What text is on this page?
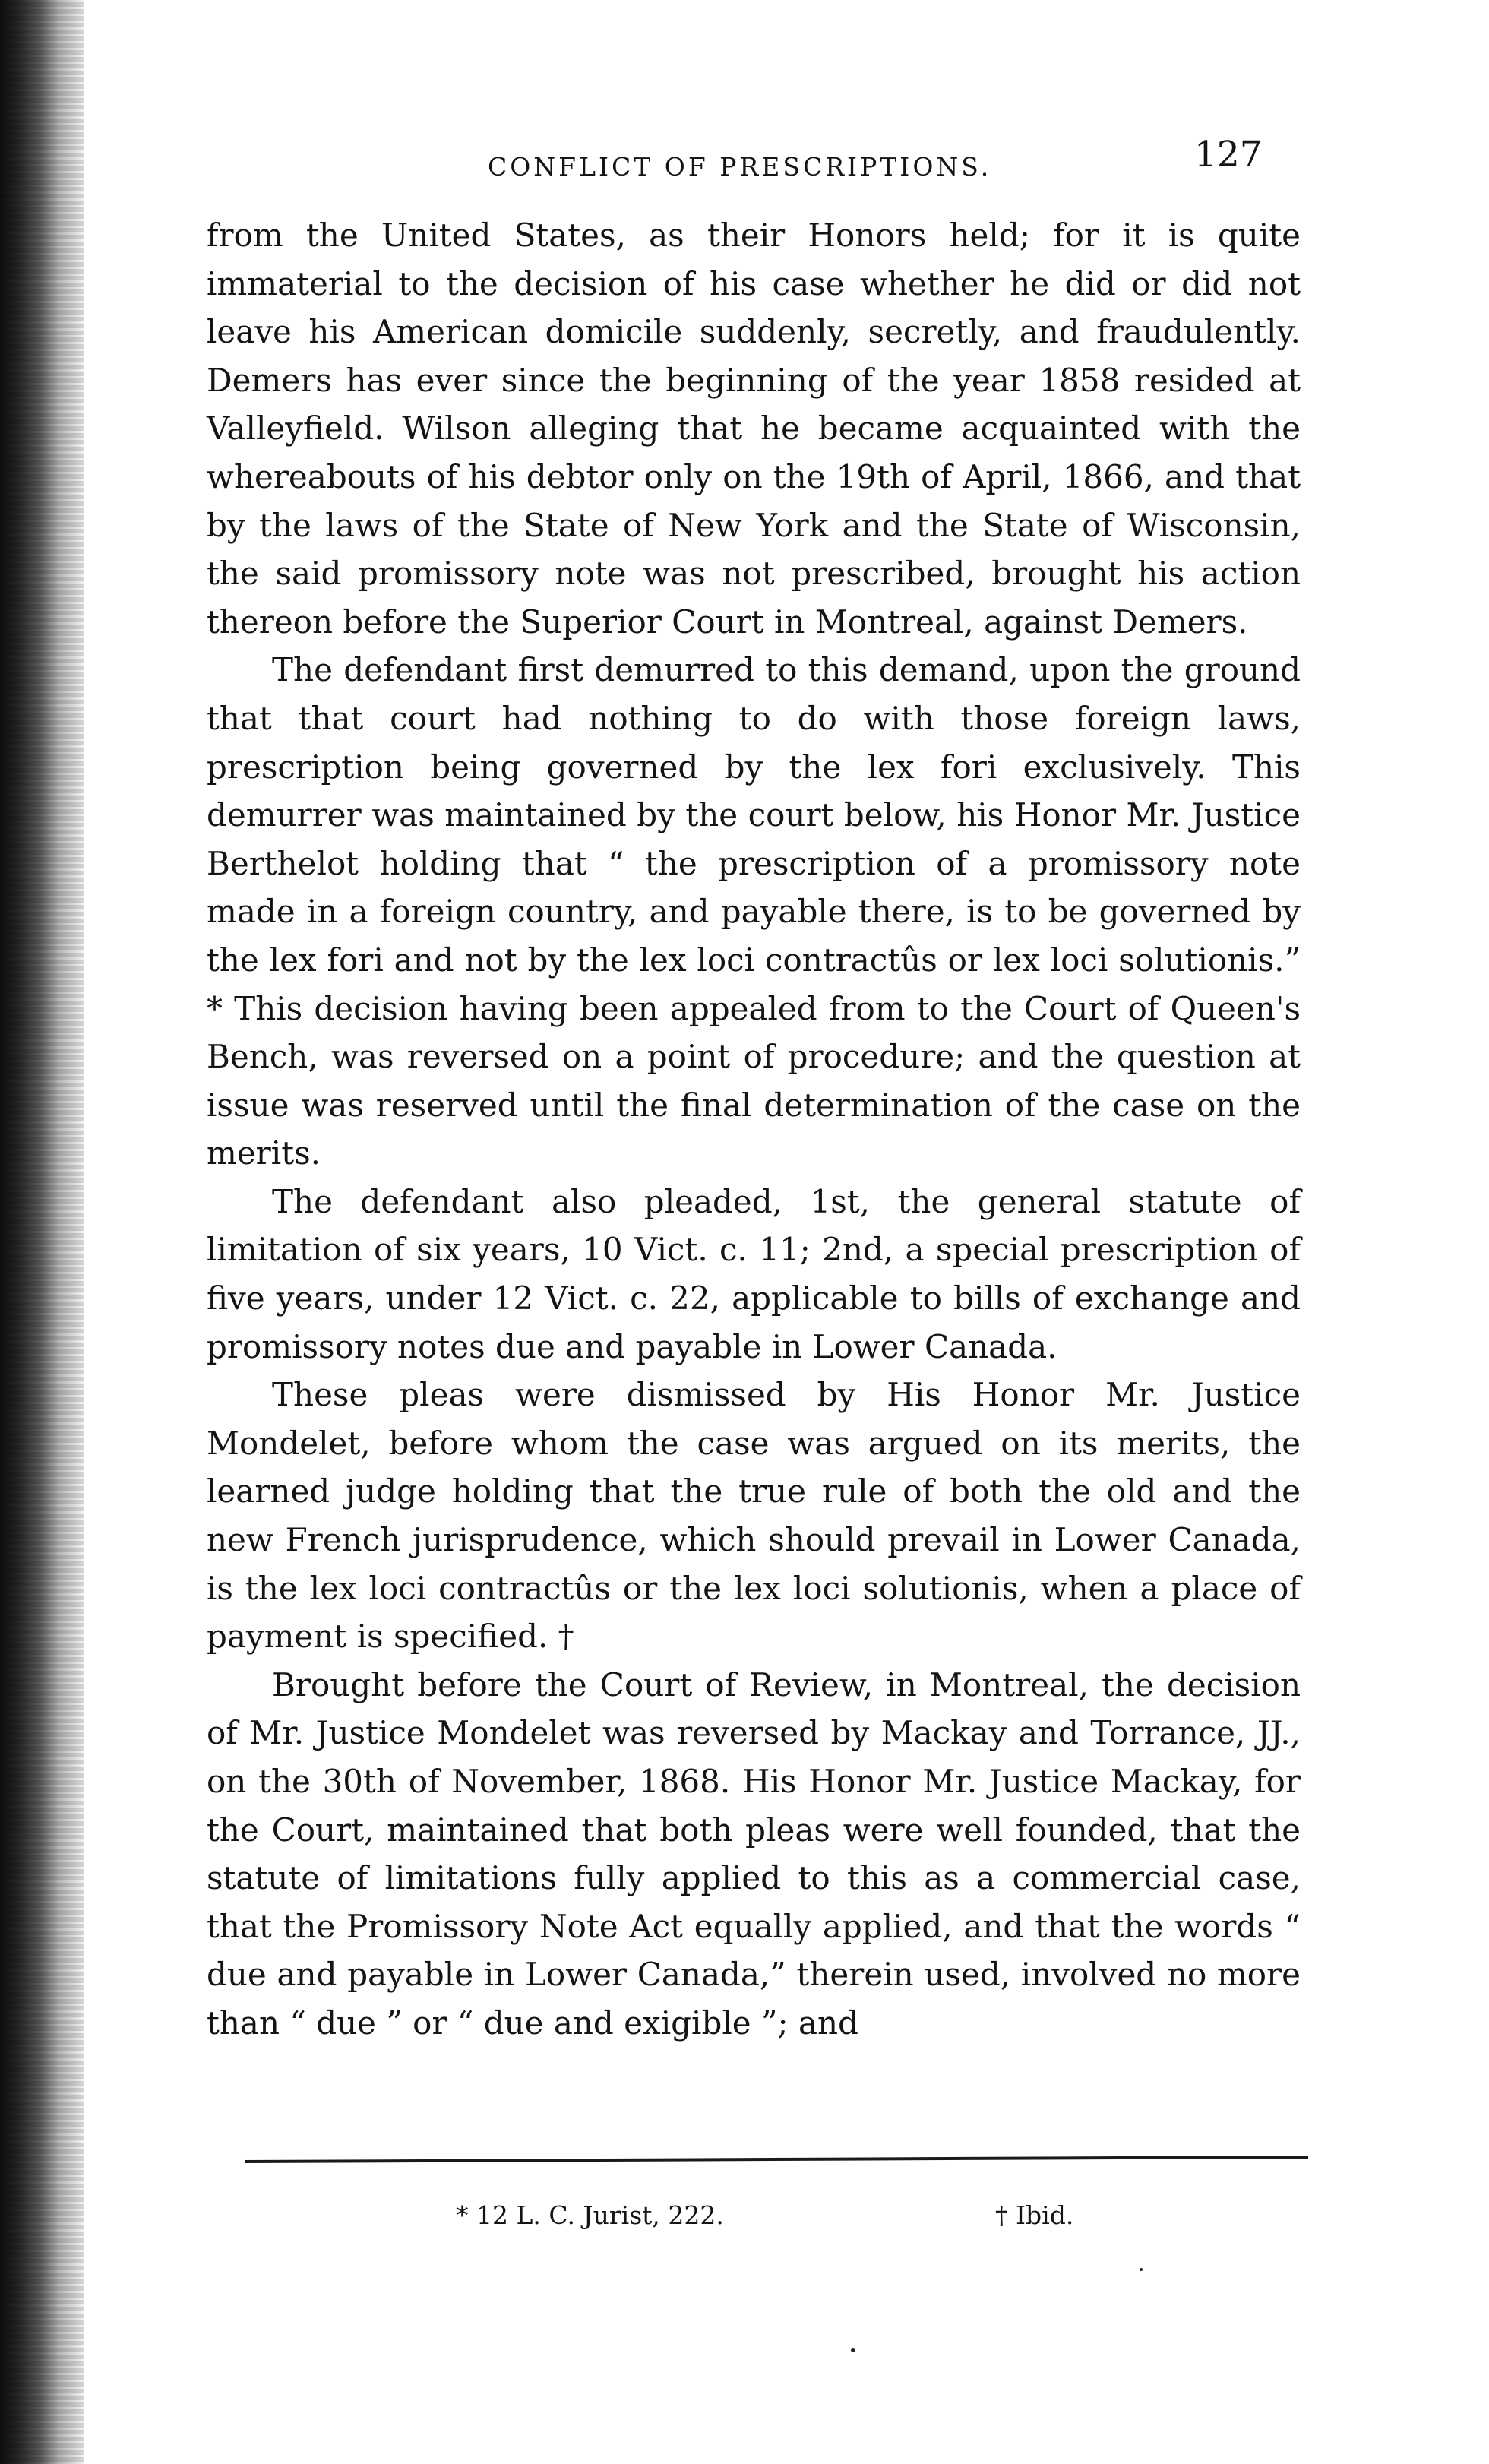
CONFLICT OF PRESCRIPTIONS.	127

from the United States, as their Honors held; for it is quite immaterial to the decision of his case whether he did or did not leave his American domicile suddenly, secretly, and fraudulently. Demers has ever since the beginning of the year 1858 resided at Valleyfield. Wilson alleging that he became acquainted with the whereabouts of his debtor only on the 19th of April, 1866, and that by the laws of the State of New York and the State of Wisconsin, the said promissory note was not prescribed, brought his action thereon before the Superior Court in Montreal, against Demers.

The defendant first demurred to this demand, upon the ground that that court had nothing to do with those foreign laws, prescription being governed by the lex fori exclusively. This demurrer was maintained by the court below, his Honor Mr. Justice Berthelot holding that “ the prescription of a promissory note made in a foreign country, and payable there, is to be governed by the lex fori and not by the lex loci contractûs or lex loci solutionis.” * This decision having been appealed from to the Court of Queen's Bench, was reversed on a point of procedure; and the question at issue was reserved until the final determination of the case on the merits.

The defendant also pleaded, 1st, the general statute of limitation of six years, 10 Vict. c. 11; 2nd, a special prescription of five years, under 12 Vict. c. 22, applicable to bills of exchange and promissory notes due and payable in Lower Canada.

These pleas were dismissed by His Honor Mr. Justice Mondelet, before whom the case was argued on its merits, the learned judge holding that the true rule of both the old and the new French jurisprudence, which should prevail in Lower Canada, is the lex loci contractûs or the lex loci solutionis, when a place of payment is specified. †

Brought before the Court of Review, in Montreal, the decision of Mr. Justice Mondelet was reversed by Mackay and Torrance, JJ., on the 30th of November, 1868. His Honor Mr. Justice Mackay, for the Court, maintained that both pleas were well founded, that the statute of limitations fully applied to this as a commercial case, that the Promissory Note Act equally applied, and that the words “ due and payable in Lower Canada,” therein used, involved no more than “ due ” or “ due and exigible ”; and

* 12 L. C. Jurist, 222.	† Ibid.
